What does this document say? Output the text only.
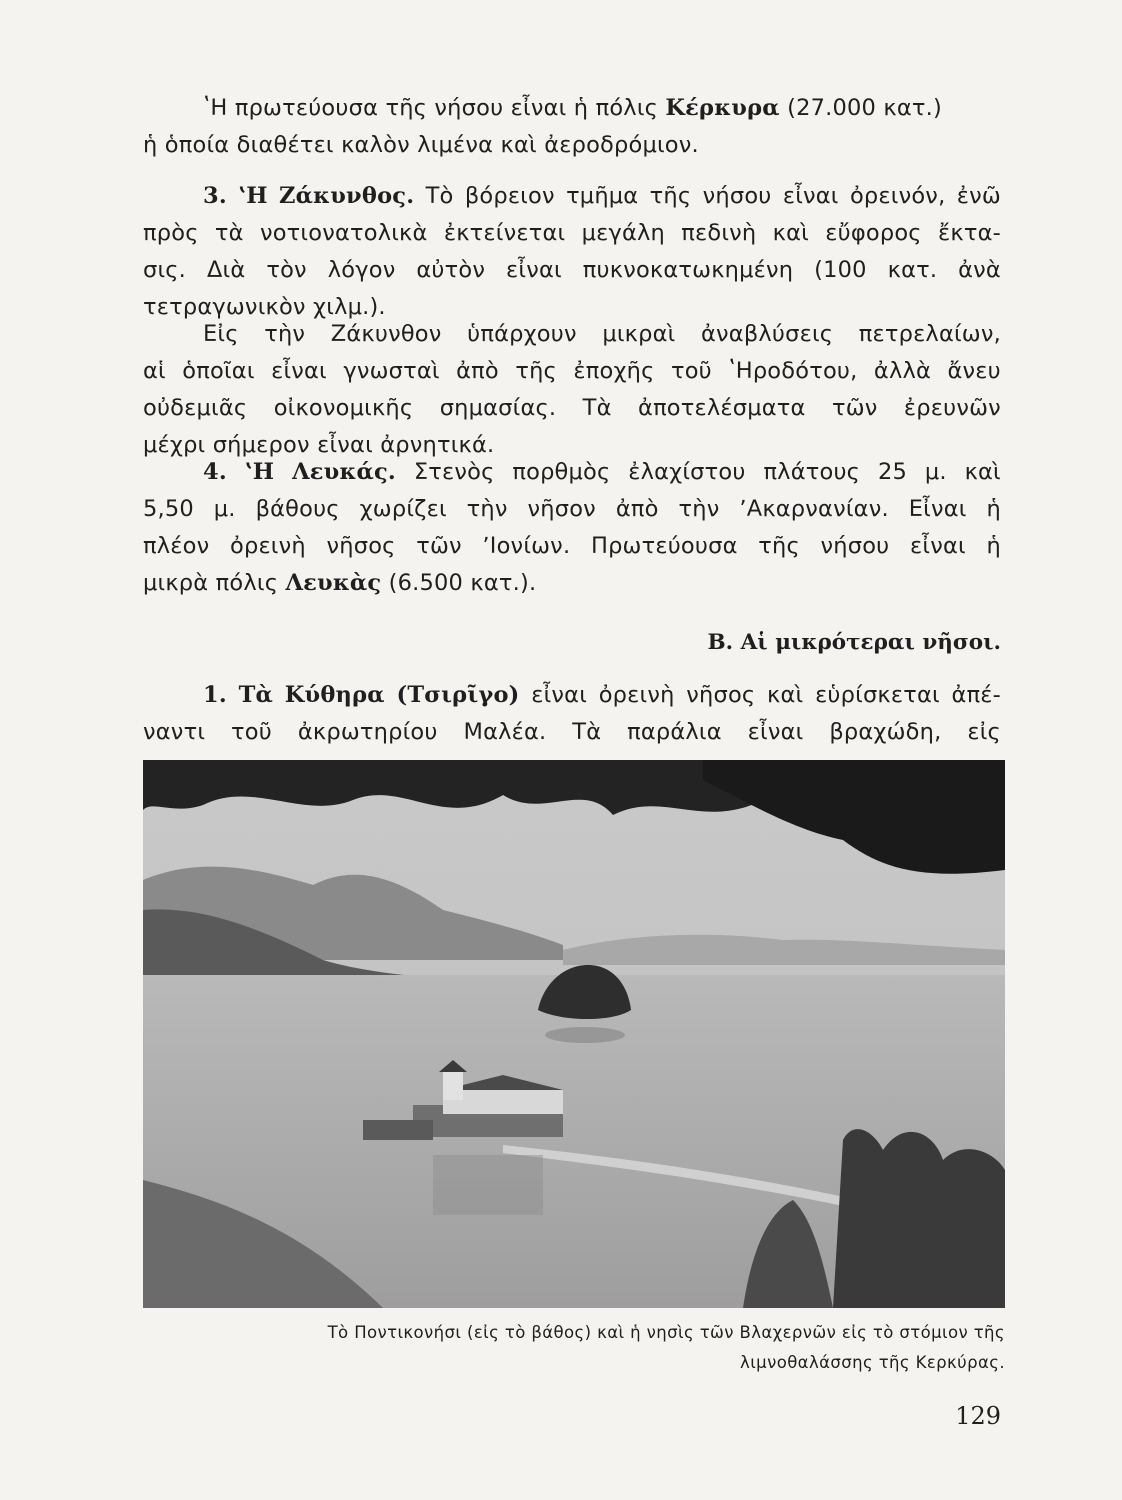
ʽΗ πρωτεύουσα τῆς νήσου εἶναι ἡ πόλις Κέρκυρα (27.000 κατ.)
ἡ ὁποία διαθέτει καλὸν λιμένα καὶ ἀεροδρόμιον.
3. ʽΗ Ζάκυνθος. Τὸ βόρειον τμῆμα τῆς νήσου εἶναι ὀρεινόν, ἐνῶ
πρὸς τὰ νοτιονατολικὰ ἐκτείνεται μεγάλη πεδινὴ καὶ εὔφορος ἔκτα-
σις. Διὰ τὸν λόγον αὐτὸν εἶναι πυκνοκατωκημένη (100 κατ. ἀνὰ
τετραγωνικὸν χιλμ.).
Εἰς τὴν Ζάκυνθον ὑπάρχουν μικραὶ ἀναβλύσεις πετρελαίων,
αἱ ὁποῖαι εἶναι γνωσταὶ ἀπὸ τῆς ἐποχῆς τοῦ ʽΗροδότου, ἀλλὰ ἄνευ
οὐδεμιᾶς οἰκονομικῆς σημασίας. Τὰ ἀποτελέσματα τῶν ἐρευνῶν
μέχρι σήμερον εἶναι ἀρνητικά.
4. ʽΗ Λευκάς. Στενὸς πορθμὸς ἐλαχίστου πλάτους 25 μ. καὶ
5,50 μ. βάθους χωρίζει τὴν νῆσον ἀπὸ τὴν ʼΑκαρνανίαν. Εἶναι ἡ
πλέον ὀρεινὴ νῆσος τῶν ʼΙονίων. Πρωτεύουσα τῆς νήσου εἶναι ἡ
μικρὰ πόλις Λευκὰς (6.500 κατ.).
Β. Αἱ μικρότεραι νῆσοι.
1. Τὰ Κύθηρα (Τσιρῖγο) εἶναι ὀρεινὴ νῆσος καὶ εὑρίσκεται ἀπέ-
ναντι τοῦ ἀκρωτηρίου Μαλέα. Τὰ παράλια εἶναι βραχώδη, εἰς
Τὸ Ποντικονήσι (εἰς τὸ βάθος) καὶ ἡ νησὶς τῶν Βλαχερνῶν εἰς τὸ στόμιον τῆς
λιμνοθαλάσσης τῆς Κερκύρας.
129
